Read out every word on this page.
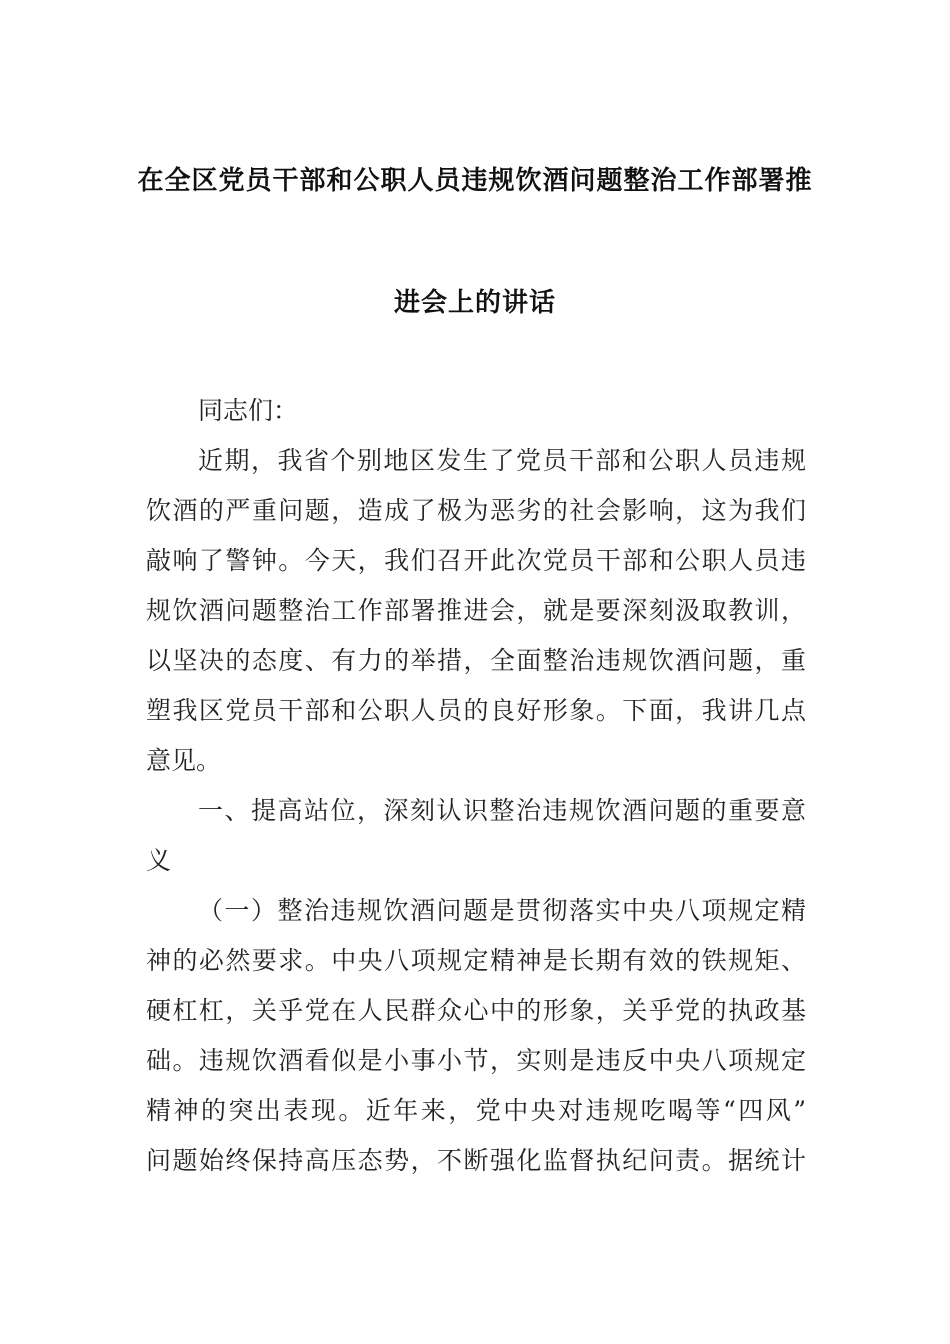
在全区党员干部和公职人员违规饮酒问题整治工作部署推
进会上的讲话
同志们：
近期，我省个别地区发生了党员干部和公职人员违规
饮酒的严重问题，造成了极为恶劣的社会影响，这为我们
敲响了警钟。今天，我们召开此次党员干部和公职人员违
规饮酒问题整治工作部署推进会，就是要深刻汲取教训，
以坚决的态度、有力的举措，全面整治违规饮酒问题，重
塑我区党员干部和公职人员的良好形象。下面，我讲几点
意见。
一、提高站位，深刻认识整治违规饮酒问题的重要意
义
（一）整治违规饮酒问题是贯彻落实中央八项规定精
神的必然要求。中央八项规定精神是长期有效的铁规矩、
硬杠杠，关乎党在人民群众心中的形象，关乎党的执政基
础。违规饮酒看似是小事小节，实则是违反中央八项规定
精神的突出表现。近年来，党中央对违规吃喝等“四风”
问题始终保持高压态势，不断强化监督执纪问责。据统计
